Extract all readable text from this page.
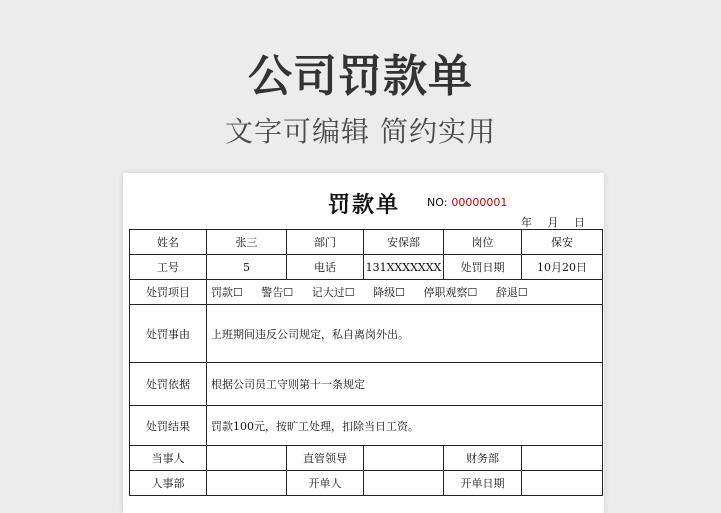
公司罚款单
文字可编辑 简约实用
罚款单 NO: 00000001
年 月 日
姓名	张三	部门	安保部	岗位	保安
工号	5	电话	131XXXXXXX	处罚日期	10月20日
处罚项目	罚款☐ 警告☐ 记大过☐ 降级☐ 停职观察☐ 辞退☐				
处罚事由	上班期间违反公司规定，私自离岗外出。				
处罚依据	根据公司员工守则第十一条规定				
处罚结果	罚款100元，按旷工处理，扣除当日工资。				
当事人		直管领导		财务部	
人事部		开单人		开单日期	
